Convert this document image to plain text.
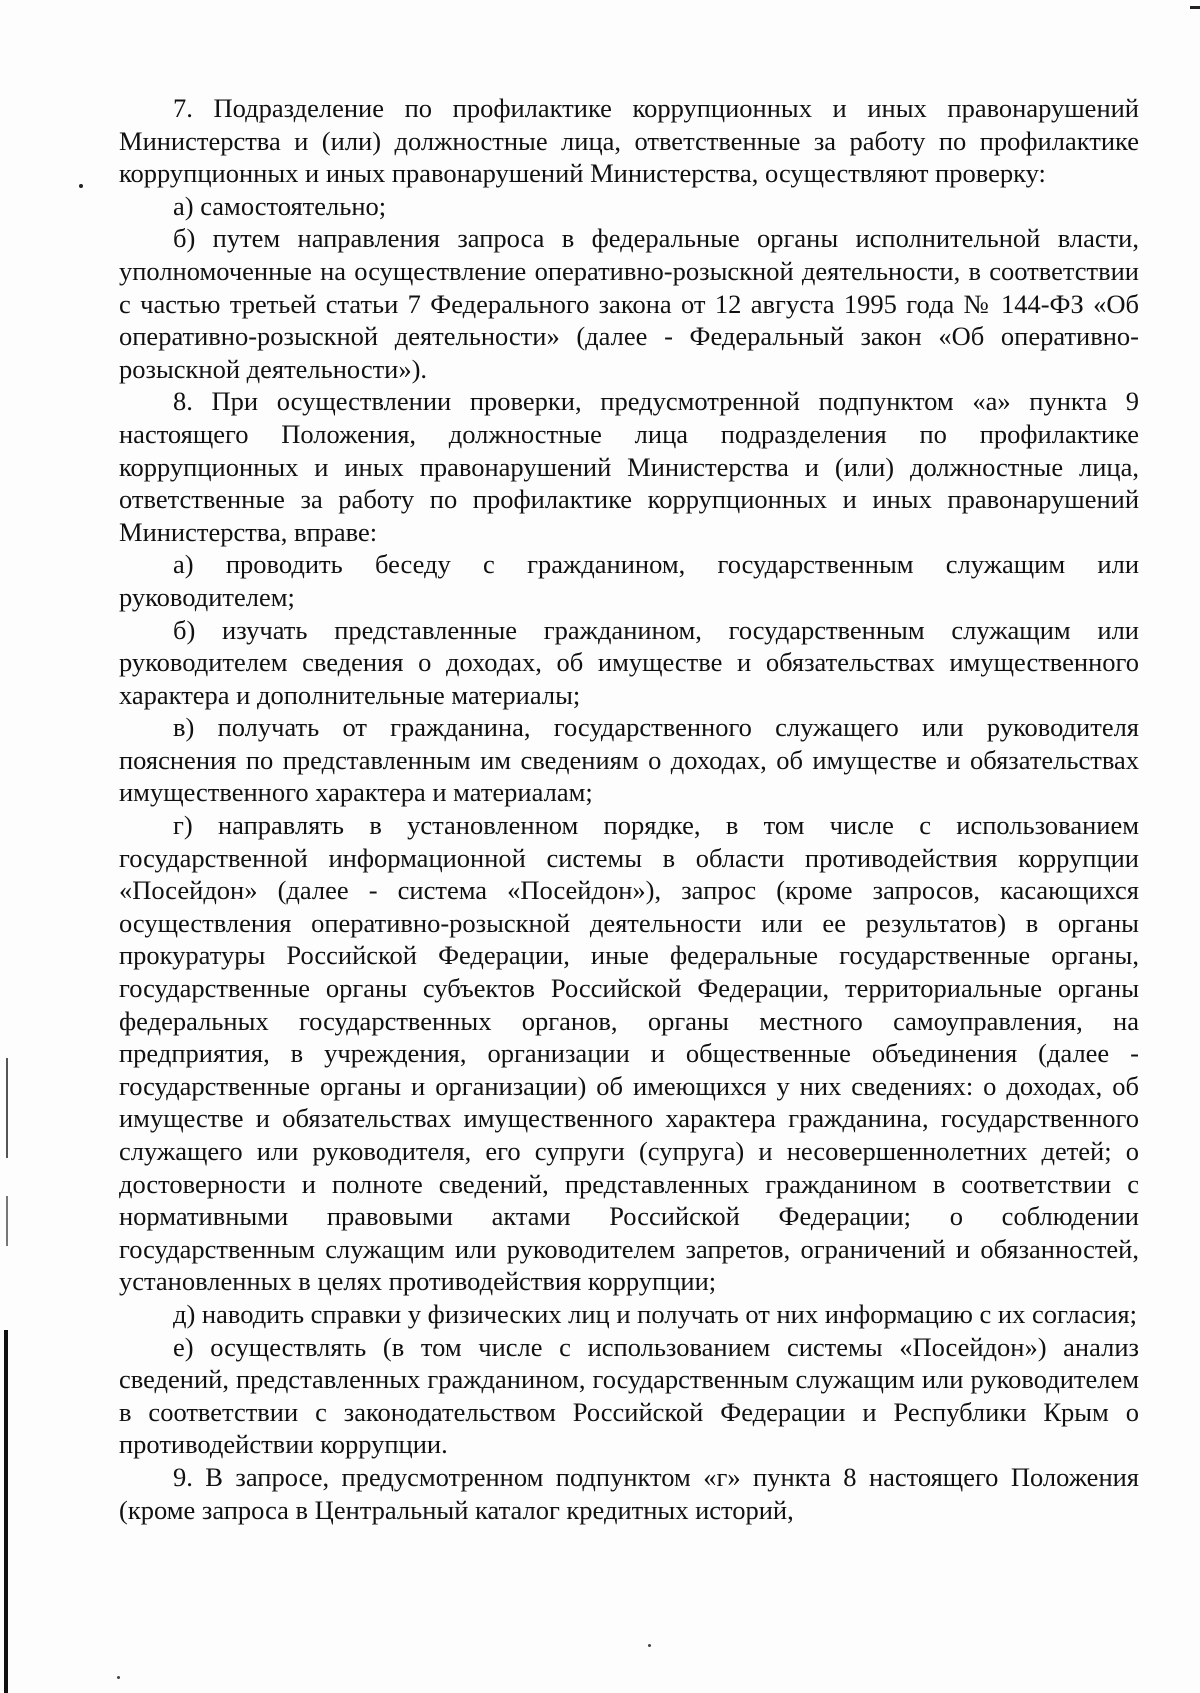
7. Подразделение по профилактике коррупционных и иных правонарушений Министерства и (или) должностные лица, ответственные за работу по профилактике коррупционных и иных правонарушений Министерства, осуществляют проверку:

а) самостоятельно;

б) путем направления запроса в федеральные органы исполнительной власти, уполномоченные на осуществление оперативно-розыскной деятельности, в соответствии с частью третьей статьи 7 Федерального закона от 12 августа 1995 года № 144-ФЗ «Об оперативно-розыскной деятельности» (далее - Федеральный закон «Об оперативно-розыскной деятельности»).

8. При осуществлении проверки, предусмотренной подпунктом «а» пункта 9 настоящего Положения, должностные лица подразделения по профилактике коррупционных и иных правонарушений Министерства и (или) должностные лица, ответственные за работу по профилактике коррупционных и иных правонарушений Министерства, вправе:

а) проводить беседу с гражданином, государственным служащим или руководителем;

б) изучать представленные гражданином, государственным служащим или руководителем сведения о доходах, об имуществе и обязательствах имущественного характера и дополнительные материалы;

в) получать от гражданина, государственного служащего или руководителя пояснения по представленным им сведениям о доходах, об имуществе и обязательствах имущественного характера и материалам;

г) направлять в установленном порядке, в том числе с использованием государственной информационной системы в области противодействия коррупции «Посейдон» (далее - система «Посейдон»), запрос (кроме запросов, касающихся осуществления оперативно-розыскной деятельности или ее результатов) в органы прокуратуры Российской Федерации, иные федеральные государственные органы, государственные органы субъектов Российской Федерации, территориальные органы федеральных государственных органов, органы местного самоуправления, на предприятия, в учреждения, организации и общественные объединения (далее - государственные органы и организации) об имеющихся у них сведениях: о доходах, об имуществе и обязательствах имущественного характера гражданина, государственного служащего или руководителя, его супруги (супруга) и несовершеннолетних детей; о достоверности и полноте сведений, представленных гражданином в соответствии с нормативными правовыми актами Российской Федерации; о соблюдении государственным служащим или руководителем запретов, ограничений и обязанностей, установленных в целях противодействия коррупции;

д) наводить справки у физических лиц и получать от них информацию с их согласия;

е) осуществлять (в том числе с использованием системы «Посейдон») анализ сведений, представленных гражданином, государственным служащим или руководителем в соответствии с законодательством Российской Федерации и Республики Крым о противодействии коррупции.

9. В запросе, предусмотренном подпунктом «г» пункта 8 настоящего Положения (кроме запроса в Центральный каталог кредитных историй,
